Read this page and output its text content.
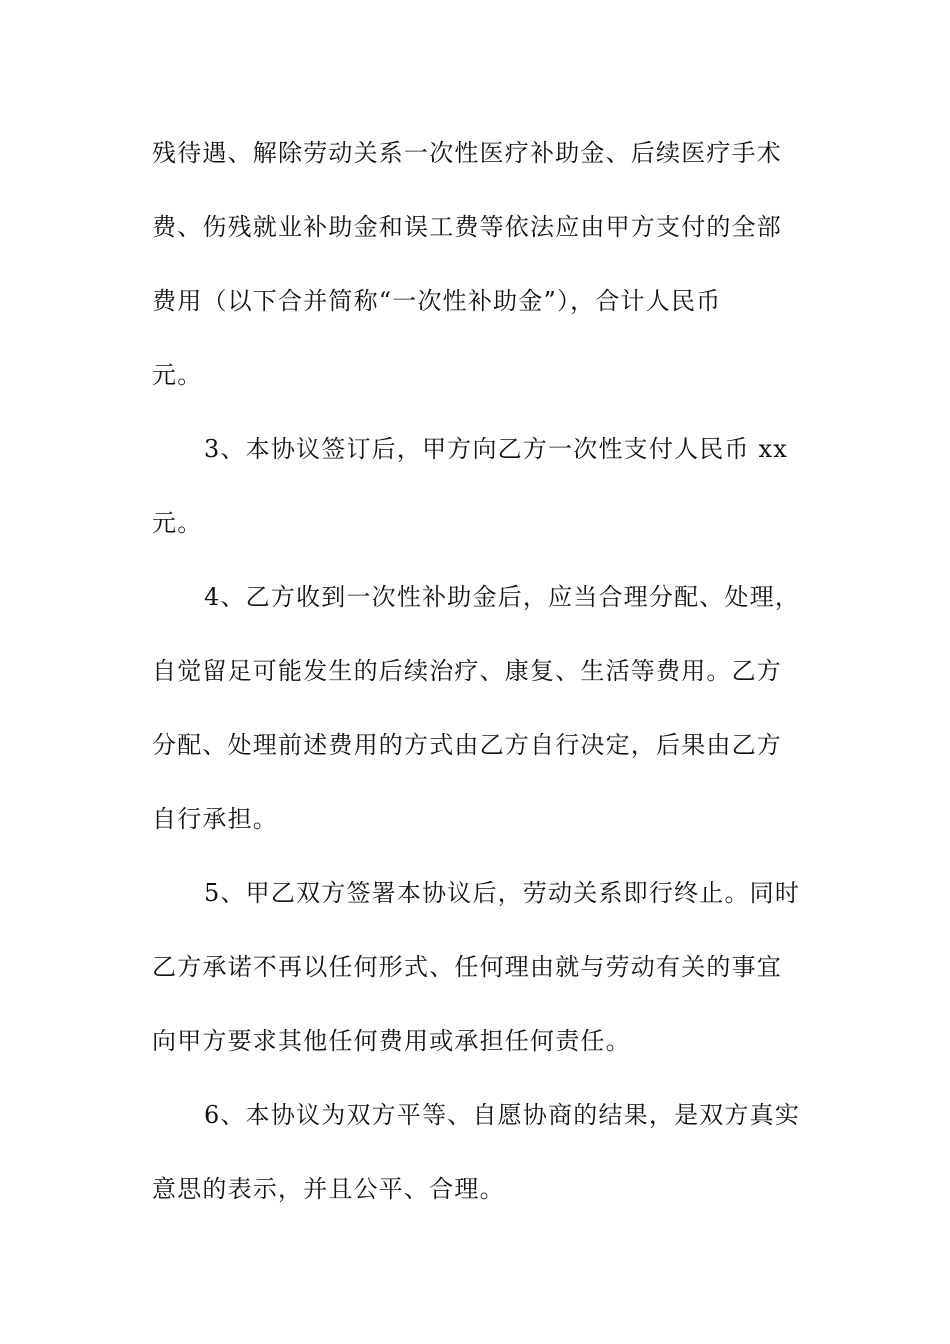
残待遇、解除劳动关系一次性医疗补助金、后续医疗手术
费、伤残就业补助金和误工费等依法应由甲方支付的全部
费用（以下合并简称“一次性补助金”），合计人民币
元。
3、本协议签订后，甲方向乙方一次性支付人民币 xx
元。
4、乙方收到一次性补助金后，应当合理分配、处理，
自觉留足可能发生的后续治疗、康复、生活等费用。乙方
分配、处理前述费用的方式由乙方自行决定，后果由乙方
自行承担。
5、甲乙双方签署本协议后，劳动关系即行终止。同时
乙方承诺不再以任何形式、任何理由就与劳动有关的事宜
向甲方要求其他任何费用或承担任何责任。
6、本协议为双方平等、自愿协商的结果，是双方真实
意思的表示，并且公平、合理。
